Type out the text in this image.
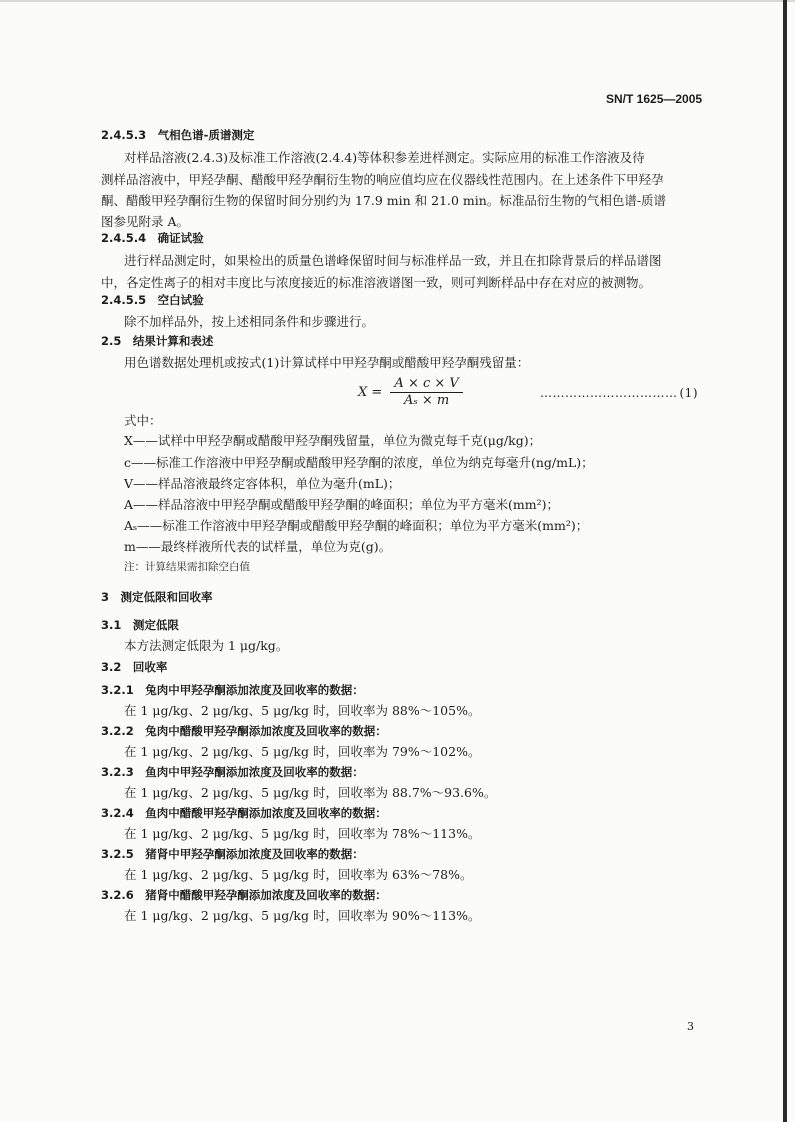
SN/T 1625—2005
2.4.5.3　气相色谱-质谱测定
对样品溶液(2.4.3)及标准工作溶液(2.4.4)等体积参差进样测定。实际应用的标准工作溶液及待
测样品溶液中，甲羟孕酮、醋酸甲羟孕酮衍生物的响应值均应在仪器线性范围内。在上述条件下甲羟孕
酮、醋酸甲羟孕酮衍生物的保留时间分别约为 17.9 min 和 21.0 min。标准品衍生物的气相色谱-质谱
图参见附录 A。
2.4.5.4　确证试验
进行样品测定时，如果检出的质量色谱峰保留时间与标准样品一致，并且在扣除背景后的样品谱图
中，各定性离子的相对丰度比与浓度接近的标准溶液谱图一致，则可判断样品中存在对应的被测物。
2.4.5.5　空白试验
除不加样品外，按上述相同条件和步骤进行。
2.5　结果计算和表述
用色谱数据处理机或按式(1)计算试样中甲羟孕酮或醋酸甲羟孕酮残留量：
$X = \frac{A \times c \times V}{\text{Aₛ × m}}$	…………………………… (1)
式中：
X——试样中甲羟孕酮或醋酸甲羟孕酮残留量，单位为微克每千克(μg/kg)；
c——标准工作溶液中甲羟孕酮或醋酸甲羟孕酮的浓度，单位为纳克每毫升(ng/mL)；
V——样品溶液最终定容体积，单位为毫升(mL)；
A——样品溶液中甲羟孕酮或醋酸甲羟孕酮的峰面积；单位为平方毫米(mm²)；
Aₛ——标准工作溶液中甲羟孕酮或醋酸甲羟孕酮的峰面积；单位为平方毫米(mm²)；
m——最终样液所代表的试样量，单位为克(g)。
注：计算结果需扣除空白值
3　测定低限和回收率
3.1　测定低限
本方法测定低限为 1 μg/kg。
3.2　回收率
3.2.1　兔肉中甲羟孕酮添加浓度及回收率的数据：
在 1 μg/kg、2 μg/kg、5 μg/kg 时，回收率为 88%～105%。
3.2.2　兔肉中醋酸甲羟孕酮添加浓度及回收率的数据：
在 1 μg/kg、2 μg/kg、5 μg/kg 时，回收率为 79%～102%。
3.2.3　鱼肉中甲羟孕酮添加浓度及回收率的数据：
在 1 μg/kg、2 μg/kg、5 μg/kg 时，回收率为 88.7%～93.6%。
3.2.4　鱼肉中醋酸甲羟孕酮添加浓度及回收率的数据：
在 1 μg/kg、2 μg/kg、5 μg/kg 时，回收率为 78%～113%。
3.2.5　猪肾中甲羟孕酮添加浓度及回收率的数据：
在 1 μg/kg、2 μg/kg、5 μg/kg 时，回收率为 63%～78%。
3.2.6　猪肾中醋酸甲羟孕酮添加浓度及回收率的数据：
在 1 μg/kg、2 μg/kg、5 μg/kg 时，回收率为 90%～113%。
3
